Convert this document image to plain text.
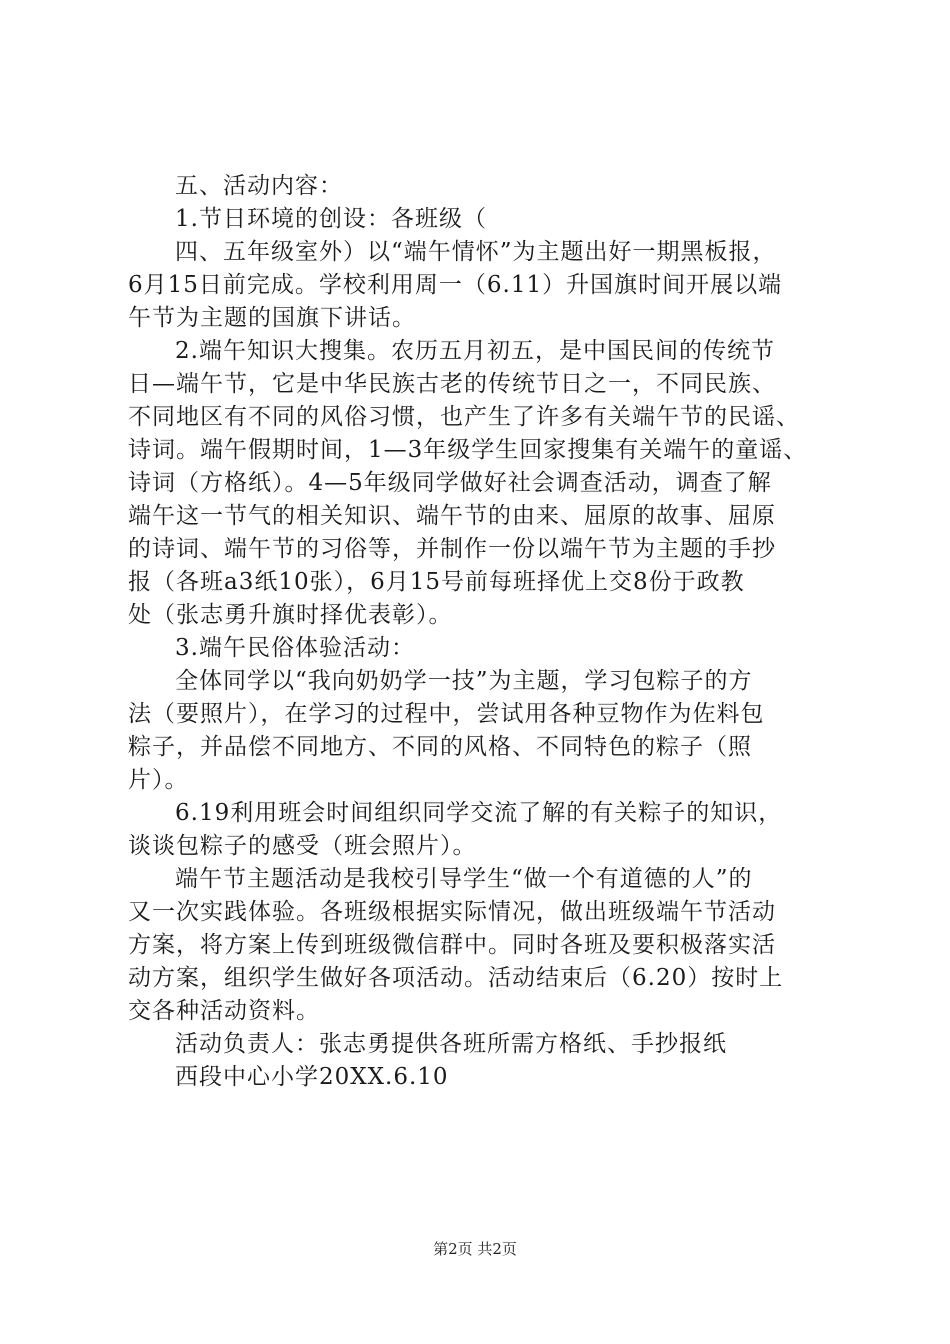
五、活动内容：
1.节日环境的创设：各班级（
四、五年级室外）以“端午情怀”为主题出好一期黑板报，
6月15日前完成。学校利用周一（6.11）升国旗时间开展以端
午节为主题的国旗下讲话。
2.端午知识大搜集。农历五月初五，是中国民间的传统节
日—端午节，它是中华民族古老的传统节日之一，不同民族、
不同地区有不同的风俗习惯，也产生了许多有关端午节的民谣、
诗词。端午假期时间，1—3年级学生回家搜集有关端午的童谣、
诗词（方格纸）。4—5年级同学做好社会调查活动，调查了解
端午这一节气的相关知识、端午节的由来、屈原的故事、屈原
的诗词、端午节的习俗等，并制作一份以端午节为主题的手抄
报（各班a3纸10张），6月15号前每班择优上交8份于政教
处（张志勇升旗时择优表彰）。
3.端午民俗体验活动：
全体同学以“我向奶奶学一技”为主题，学习包粽子的方
法（要照片），在学习的过程中，尝试用各种豆物作为佐料包
粽子，并品偿不同地方、不同的风格、不同特色的粽子（照
片）。
6.19利用班会时间组织同学交流了解的有关粽子的知识，
谈谈包粽子的感受（班会照片）。
端午节主题活动是我校引导学生“做一个有道德的人”的
又一次实践体验。各班级根据实际情况，做出班级端午节活动
方案，将方案上传到班级微信群中。同时各班及要积极落实活
动方案，组织学生做好各项活动。活动结束后（6.20）按时上
交各种活动资料。
活动负责人：张志勇提供各班所需方格纸、手抄报纸
西段中心小学20XX.6.10
第2页 共2页
